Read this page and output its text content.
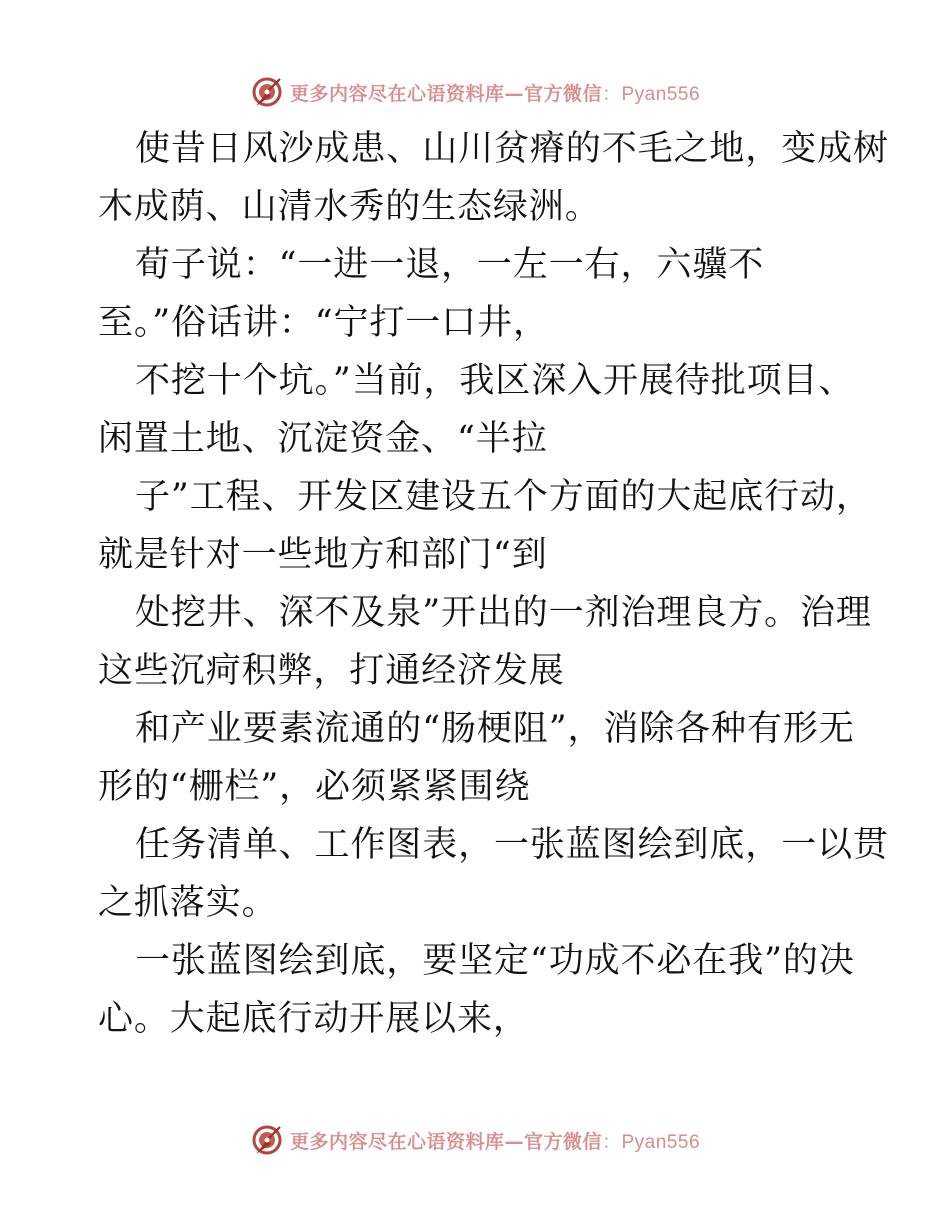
更多内容尽在心语资料库—官方微信：Pyan556
使昔日风沙成患、山川贫瘠的不毛之地，变成树
木成荫、山清水秀的生态绿洲。
荀子说：“一进一退，一左一右，六骥不
至。”俗话讲：“宁打一口井，
不挖十个坑。”当前，我区深入开展待批项目、
闲置土地、沉淀资金、“半拉
子”工程、开发区建设五个方面的大起底行动，
就是针对一些地方和部门“到
处挖井、深不及泉”开出的一剂治理良方。治理
这些沉疴积弊，打通经济发展
和产业要素流通的“肠梗阻”，消除各种有形无
形的“栅栏”，必须紧紧围绕
任务清单、工作图表，一张蓝图绘到底，一以贯
之抓落实。
一张蓝图绘到底，要坚定“功成不必在我”的决
心。大起底行动开展以来，
更多内容尽在心语资料库—官方微信：Pyan556
